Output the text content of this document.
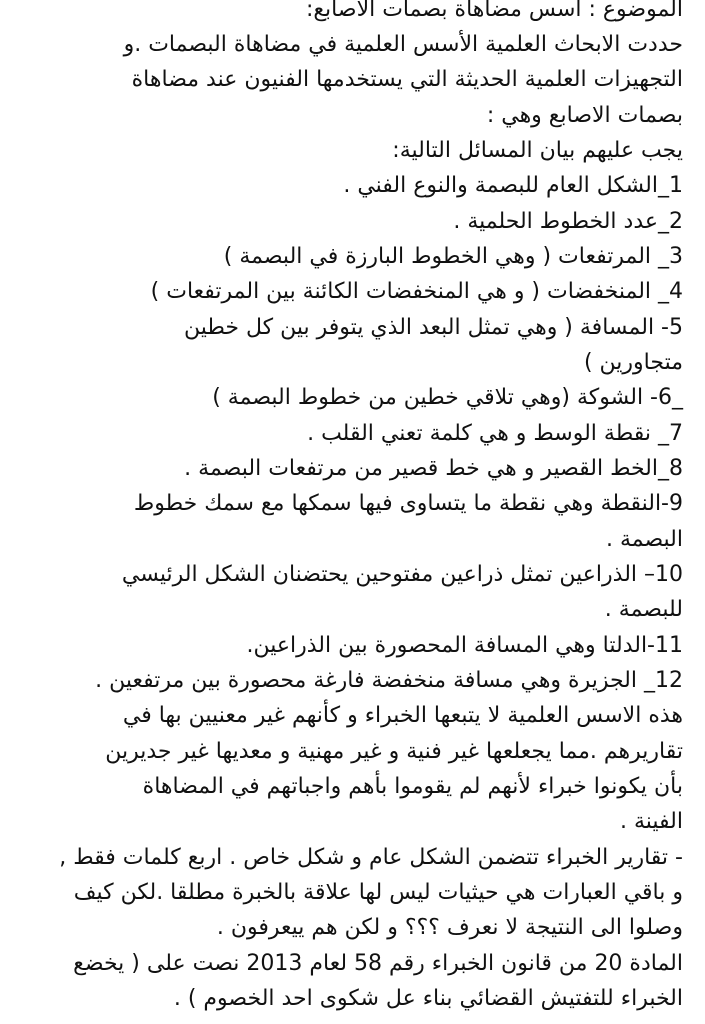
الموضوع : اسس مضاهاة بصمات الاصابع:
حددت الابحاث العلمية الأسس العلمية في مضاهاة البصمات .و
التجهيزات العلمية الحديثة التي يستخدمها الفنيون عند مضاهاة
بصمات الاصابع وهي :
يجب عليهم بيان المسائل التالية:
1_الشكل العام للبصمة والنوع الفني .
2_عدد الخطوط الحلمية .
3_ المرتفعات ( وهي الخطوط البارزة في البصمة )
4_ المنخفضات ( و هي المنخفضات الكائنة بين المرتفعات )
5- المسافة ( وهي تمثل البعد الذي يتوفر بين كل خطين
متجاورين )
_6- الشوكة (وهي تلاقي خطين من خطوط البصمة )
7_ نقطة الوسط و هي كلمة تعني القلب .
8_الخط القصير و هي خط قصير من مرتفعات البصمة .
9-النقطة وهي نقطة ما يتساوى فيها سمكها مع سمك خطوط
البصمة .
10– الذراعين تمثل ذراعين مفتوحين يحتضنان الشكل الرئيسي
للبصمة .
11-الدلتا وهي المسافة المحصورة بين الذراعين.
12_ الجزيرة وهي مسافة منخفضة فارغة محصورة بين مرتفعين .
هذه الاسس العلمية لا يتبعها الخبراء و كأنهم غير معنيين بها في
تقاريرهم .مما يجعلعها غير فنية و غير مهنية و معديها غير جديرين
بأن يكونوا خبراء لأنهم لم يقوموا بأهم واجباتهم في المضاهاة
الفينة .
- تقارير الخبراء تتضمن الشكل عام و شكل خاص . اربع كلمات فقط ,
و باقي العبارات هي حيثيات ليس لها علاقة بالخبرة مطلقا .لكن كيف
وصلوا الى النتيجة لا نعرف ؟؟؟ و لكن هم ييعرفون .
المادة 20 من قانون الخبراء رقم 58 لعام 2013 نصت على ( يخضع
الخبراء للتفتيش القضائي بناء عل شكوى احد الخصوم ) .
